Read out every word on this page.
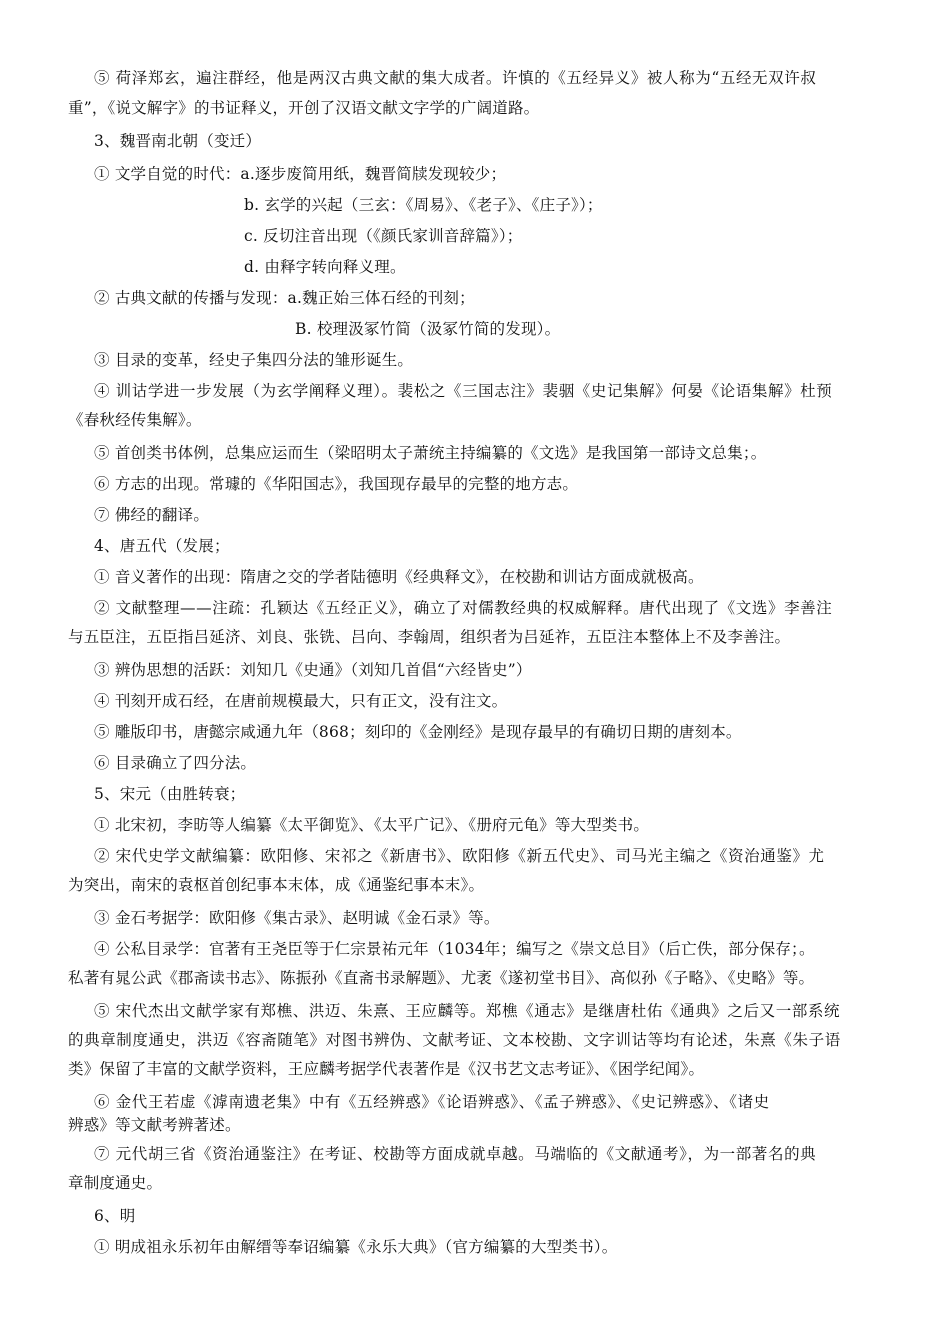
⑤ 荷泽郑玄，遍注群经，他是两汉古典文献的集大成者。许慎的《五经异义》被人称为“五经无双许叔
重”，《说文解字》的书证释义，开创了汉语文献文字学的广阔道路。
3、魏晋南北朝（变迁）
① 文学自觉的时代：a.逐步废简用纸，魏晋简牍发现较少；
b. 玄学的兴起（三玄：《周易》、《老子》、《庄子》）；
c. 反切注音出现（《颜氏家训音辞篇》）；
d. 由释字转向释义理。
② 古典文献的传播与发现：a.魏正始三体石经的刊刻；
B. 校理汲冢竹简（汲冢竹简的发现）。
③ 目录的变革，经史子集四分法的雏形诞生。
④ 训诂学进一步发展（为玄学阐释义理）。裴松之《三国志注》裴骃《史记集解》何晏《论语集解》杜预
《春秋经传集解》。
⑤ 首创类书体例，总集应运而生（梁昭明太子萧统主持编纂的《文选》是我国第一部诗文总集；。
⑥ 方志的出现。常璩的《华阳国志》，我国现存最早的完整的地方志。
⑦ 佛经的翻译。
4、唐五代（发展；
① 音义著作的出现：隋唐之交的学者陆德明《经典释文》，在校勘和训诂方面成就极高。
② 文献整理——注疏：孔颖达《五经正义》，确立了对儒教经典的权威解释。唐代出现了《文选》李善注
与五臣注，五臣指吕延济、刘良、张铣、吕向、李翰周，组织者为吕延祚，五臣注本整体上不及李善注。
③ 辨伪思想的活跃：刘知几《史通》（刘知几首倡“六经皆史”）
④ 刊刻开成石经，在唐前规模最大，只有正文，没有注文。
⑤ 雕版印书，唐懿宗咸通九年（868；刻印的《金刚经》是现存最早的有确切日期的唐刻本。
⑥ 目录确立了四分法。
5、宋元（由胜转衰；
① 北宋初，李昉等人编纂《太平御览》、《太平广记》、《册府元龟》等大型类书。
② 宋代史学文献编纂：欧阳修、宋祁之《新唐书》、欧阳修《新五代史》、司马光主编之《资治通鉴》尤
为突出，南宋的袁枢首创纪事本末体，成《通鉴纪事本末》。
③ 金石考据学：欧阳修《集古录》、赵明诚《金石录》等。
④ 公私目录学：官著有王尧臣等于仁宗景祐元年（1034年；编写之《崇文总目》（后亡佚，部分保存；。
私著有晁公武《郡斋读书志》、陈振孙《直斋书录解题》、尤袤《遂初堂书目》、高似孙《子略》、《史略》等。
⑤ 宋代杰出文献学家有郑樵、洪迈、朱熹、王应麟等。郑樵《通志》是继唐杜佑《通典》之后又一部系统
的典章制度通史，洪迈《容斋随笔》对图书辨伪、文献考证、文本校勘、文字训诂等均有论述，朱熹《朱子语
类》保留了丰富的文献学资料，王应麟考据学代表著作是《汉书艺文志考证》、《困学纪闻》。
⑥ 金代王若虚《滹南遗老集》中有《五经辨惑》《论语辨惑》、《孟子辨惑》、《史记辨惑》、《诸史
辨惑》等文献考辨著述。
⑦ 元代胡三省《资治通鉴注》在考证、校勘等方面成就卓越。马端临的《文献通考》，为一部著名的典
章制度通史。
6、明
① 明成祖永乐初年由解缙等奉诏编纂《永乐大典》（官方编纂的大型类书）。
